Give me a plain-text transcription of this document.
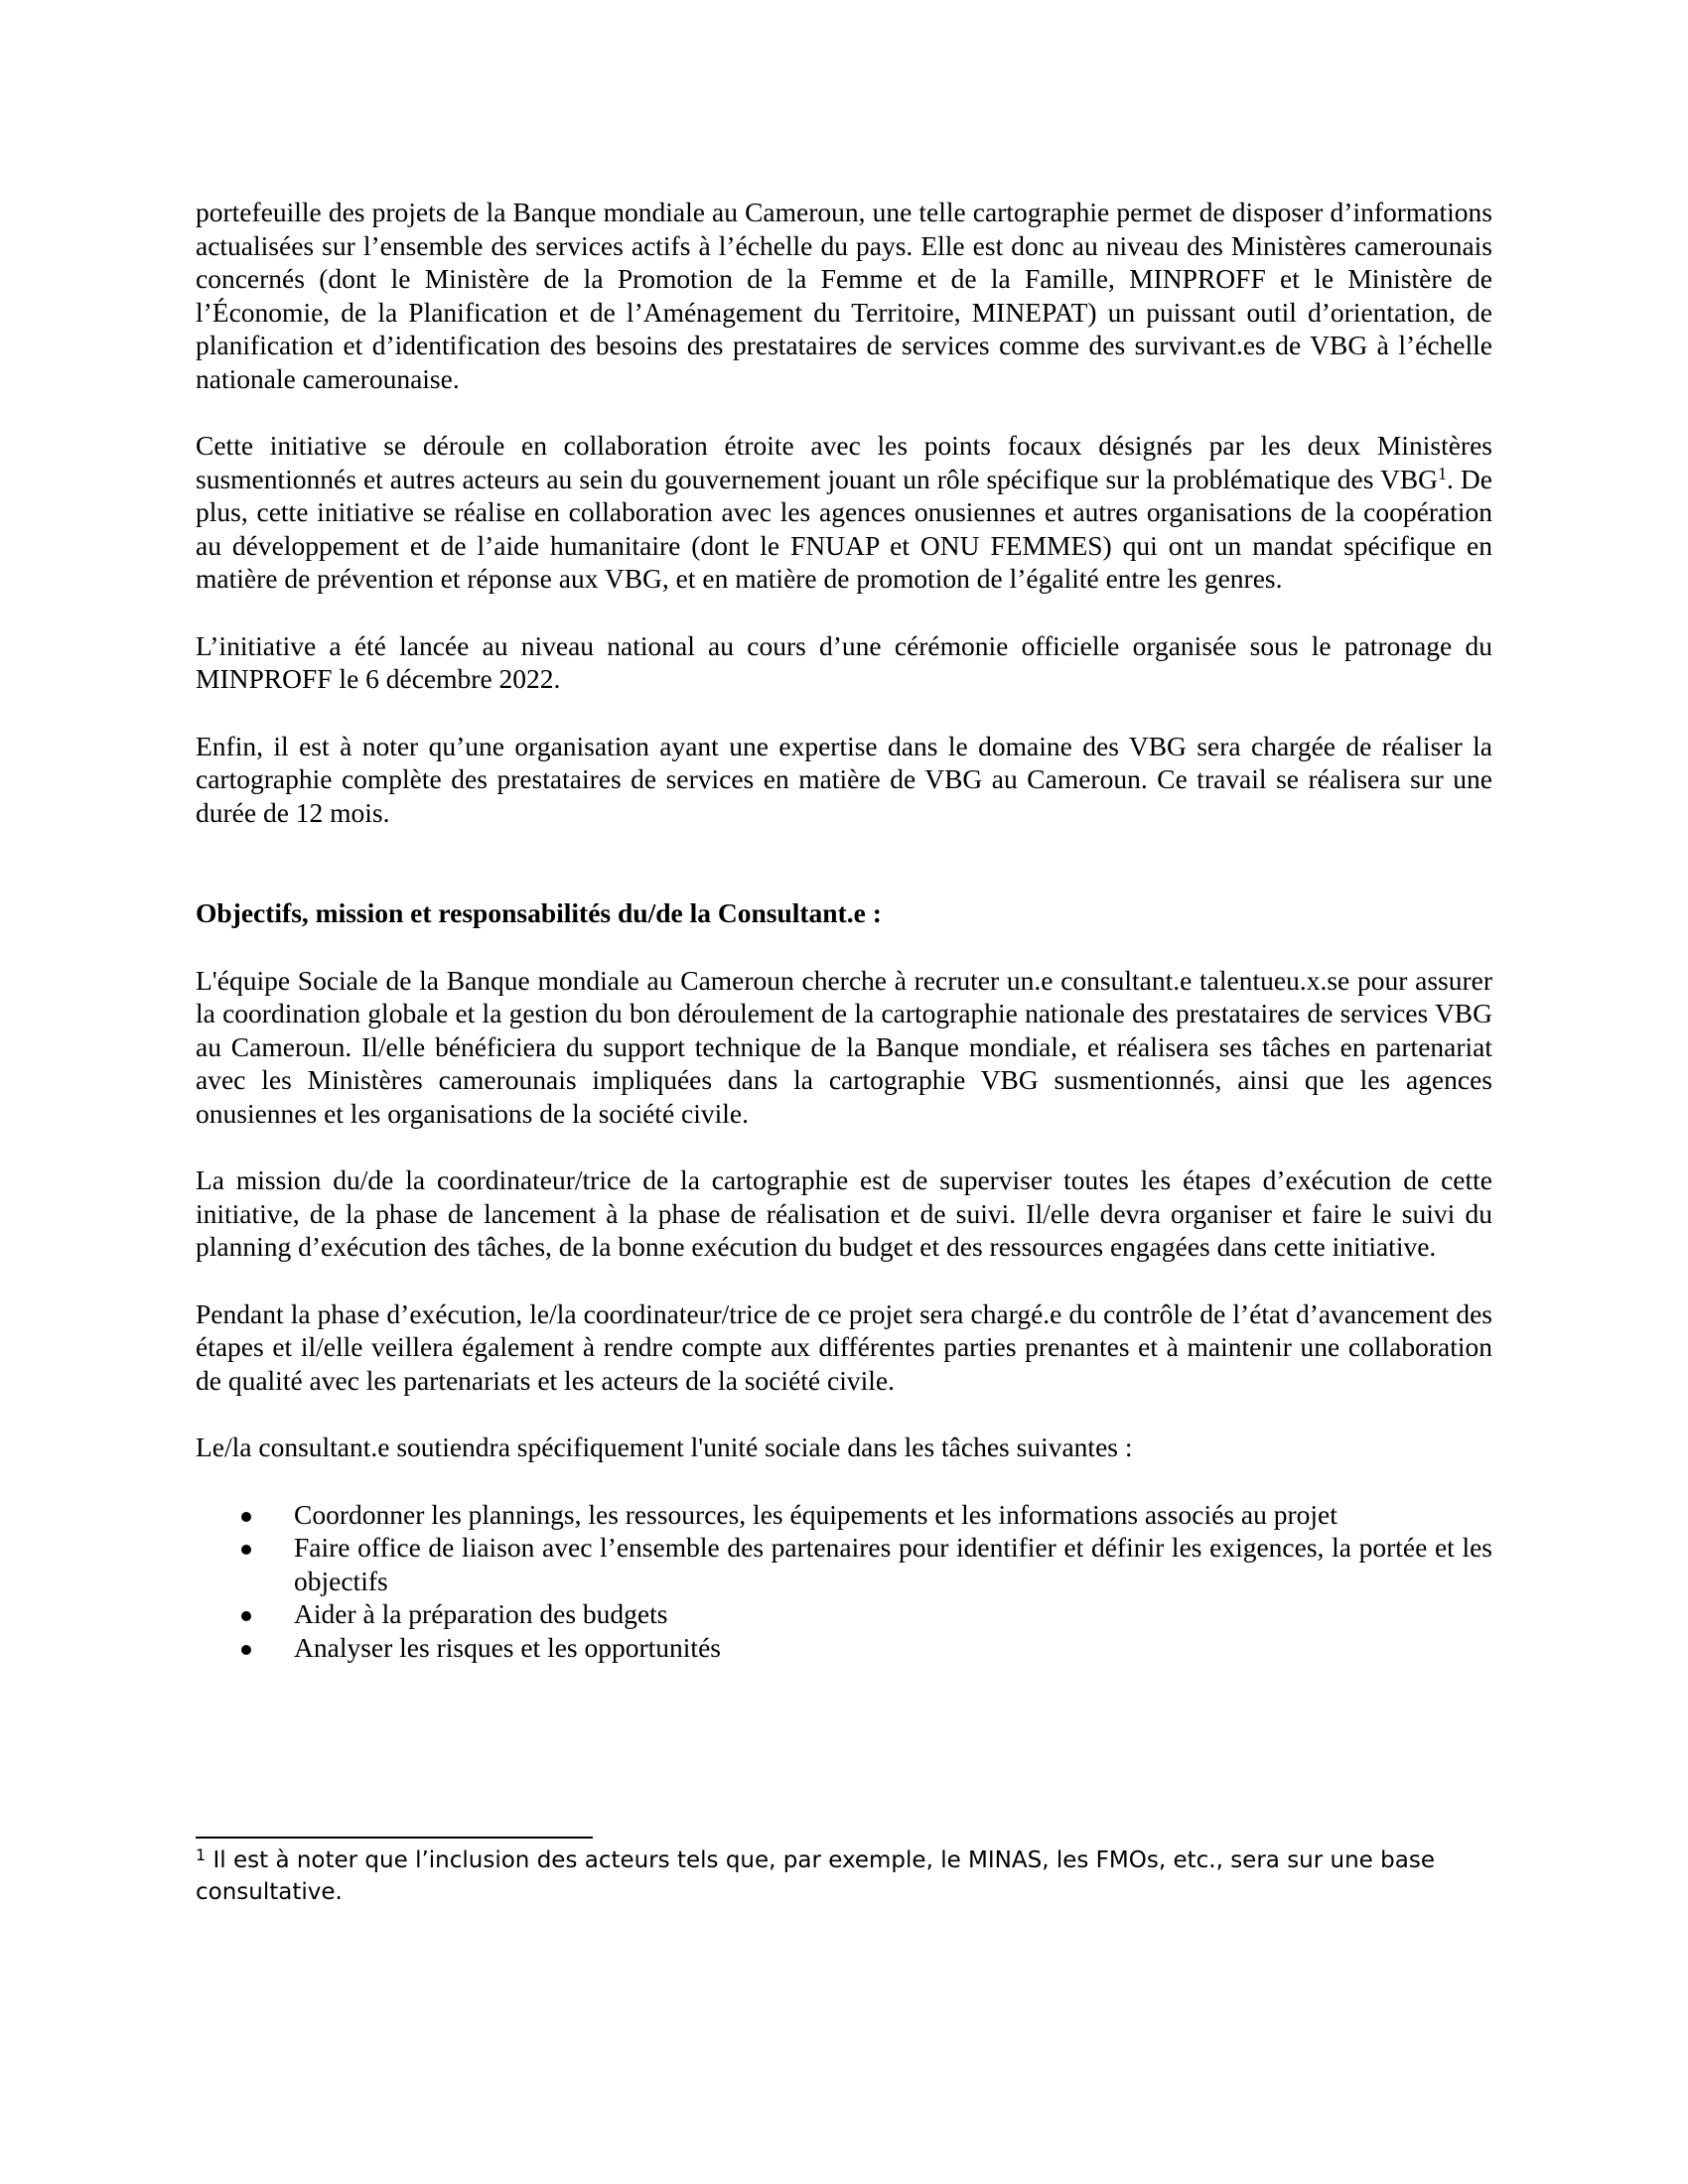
portefeuille des projets de la Banque mondiale au Cameroun, une telle cartographie permet de disposer d’informations actualisées sur l’ensemble des services actifs à l’échelle du pays. Elle est donc au niveau des Ministères camerounais concernés (dont le Ministère de la Promotion de la Femme et de la Famille, MINPROFF et le Ministère de l’Économie, de la Planification et de l’Aménagement du Territoire, MINEPAT) un puissant outil d’orientation, de planification et d’identification des besoins des prestataires de services comme des survivant.es de VBG à l’échelle nationale camerounaise.

Cette initiative se déroule en collaboration étroite avec les points focaux désignés par les deux Ministères susmentionnés et autres acteurs au sein du gouvernement jouant un rôle spécifique sur la problématique des VBG$^1$. De plus, cette initiative se réalise en collaboration avec les agences onusiennes et autres organisations de la coopération au développement et de l’aide humanitaire (dont le FNUAP et ONU FEMMES) qui ont un mandat spécifique en matière de prévention et réponse aux VBG, et en matière de promotion de l’égalité entre les genres.

L’initiative a été lancée au niveau national au cours d’une cérémonie officielle organisée sous le patronage du MINPROFF le 6 décembre 2022.

Enfin, il est à noter qu’une organisation ayant une expertise dans le domaine des VBG sera chargée de réaliser la cartographie complète des prestataires de services en matière de VBG au Cameroun. Ce travail se réalisera sur une durée de 12 mois.

Objectifs, mission et responsabilités du/de la Consultant.e :

L'équipe Sociale de la Banque mondiale au Cameroun cherche à recruter un.e consultant.e talentueu.x.se pour assurer la coordination globale et la gestion du bon déroulement de la cartographie nationale des prestataires de services VBG au Cameroun. Il/elle bénéficiera du support technique de la Banque mondiale, et réalisera ses tâches en partenariat avec les Ministères camerounais impliquées dans la cartographie VBG susmentionnés, ainsi que les agences onusiennes et les organisations de la société civile.

La mission du/de la coordinateur/trice de la cartographie est de superviser toutes les étapes d’exécution de cette initiative, de la phase de lancement à la phase de réalisation et de suivi. Il/elle devra organiser et faire le suivi du planning d’exécution des tâches, de la bonne exécution du budget et des ressources engagées dans cette initiative.

Pendant la phase d’exécution, le/la coordinateur/trice de ce projet sera chargé.e du contrôle de l’état d’avancement des étapes et il/elle veillera également à rendre compte aux différentes parties prenantes et à maintenir une collaboration de qualité avec les partenariats et les acteurs de la société civile.

Le/la consultant.e soutiendra spécifiquement l'unité sociale dans les tâches suivantes :

Coordonner les plannings, les ressources, les équipements et les informations associés au projet
Faire office de liaison avec l’ensemble des partenaires pour identifier et définir les exigences, la portée et les objectifs
Aider à la préparation des budgets
Analyser les risques et les opportunités
$^1$ Il est à noter que l’inclusion des acteurs tels que, par exemple, le MINAS, les FMOs, etc., sera sur une base consultative.
